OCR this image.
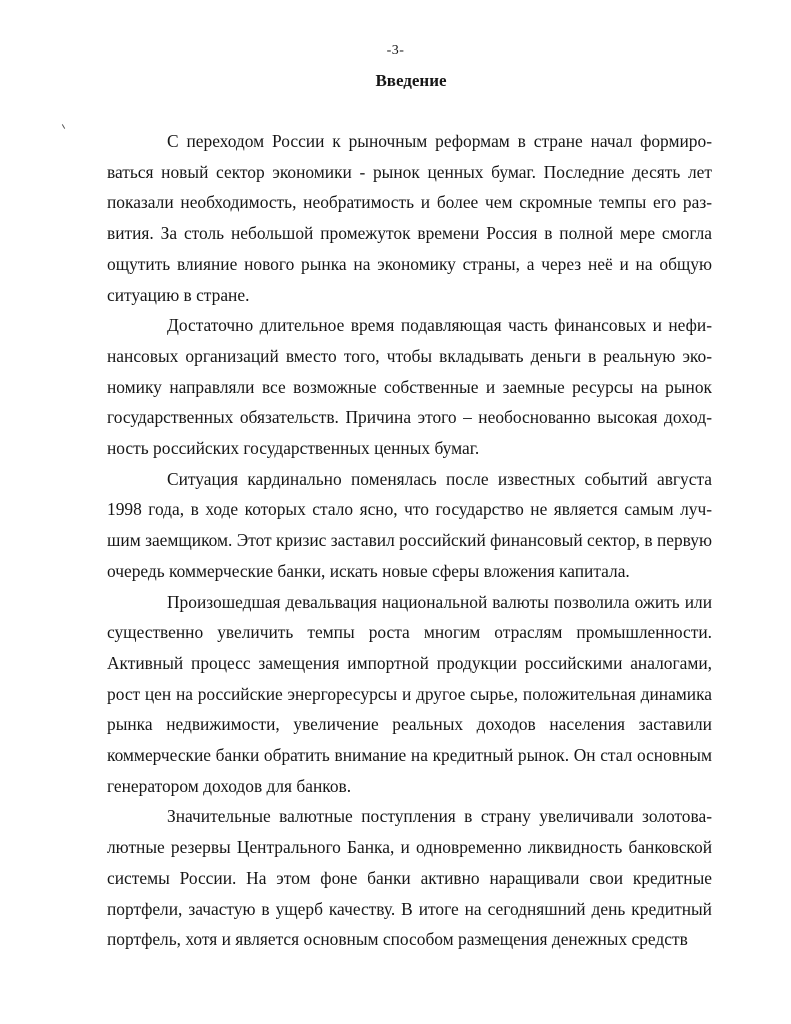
-3-
Введение

С переходом России к рыночным реформам в стране начал формироваться новый сектор экономики - рынок ценных бумаг. Последние десять лет показали необходимость, необратимость и более чем скромные темпы его развития. За столь небольшой промежуток времени Россия в полной мере смогла ощутить влияние нового рынка на экономику страны, а через неё и на общую ситуацию в стране.

Достаточно длительное время подавляющая часть финансовых и нефинансовых организаций вместо того, чтобы вкладывать деньги в реальную экономику направляли все возможные собственные и заемные ресурсы на рынок государственных обязательств. Причина этого – необоснованно высокая доходность российских государственных ценных бумаг.

Ситуация кардинально поменялась после известных событий августа 1998 года, в ходе которых стало ясно, что государство не является самым лучшим заемщиком. Этот кризис заставил российский финансовый сектор, в первую очередь коммерческие банки, искать новые сферы вложения капитала.

Произошедшая девальвация национальной валюты позволила ожить или существенно увеличить темпы роста многим отраслям промышленности. Активный процесс замещения импортной продукции российскими аналогами, рост цен на российские энергоресурсы и другое сырье, положительная динамика рынка недвижимости, увеличение реальных доходов населения заставили коммерческие банки обратить внимание на кредитный рынок. Он стал основным генератором доходов для банков.

Значительные валютные поступления в страну увеличивали золотовалютные резервы Центрального Банка, и одновременно ликвидность банковской системы России. На этом фоне банки активно наращивали свои кредитные портфели, зачастую в ущерб качеству. В итоге на сегодняшний день кредитный портфель, хотя и является основным способом размещения денежных средств
